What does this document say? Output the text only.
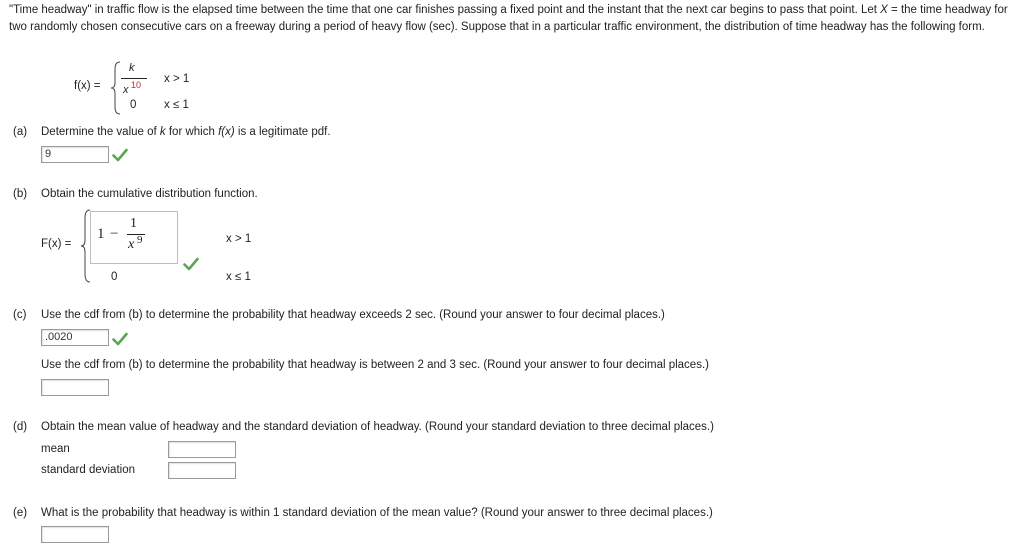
"Time headway" in traffic flow is the elapsed time between the time that one car finishes passing a fixed point and the instant that the next car begins to pass that point. Let X = the time headway for two randomly chosen consecutive cars on a freeway during a period of heavy flow (sec). Suppose that in a particular traffic environment, the distribution of time headway has the following form.
f(x) =
k
x 10 x > 1
0 x ≤ 1
(a) Determine the value of k for which f(x) is a legitimate pdf.
9
(b) Obtain the cumulative distribution function.
F(x) =
1 −
1
x 9	x > 1
0	x ≤ 1
(c) Use the cdf from (b) to determine the probability that headway exceeds 2 sec. (Round your answer to four decimal places.)
.0020
Use the cdf from (b) to determine the probability that headway is between 2 and 3 sec. (Round your answer to four decimal places.)
(d) Obtain the mean value of headway and the standard deviation of headway. (Round your standard deviation to three decimal places.)
mean
standard deviation
(e) What is the probability that headway is within 1 standard deviation of the mean value? (Round your answer to three decimal places.)
